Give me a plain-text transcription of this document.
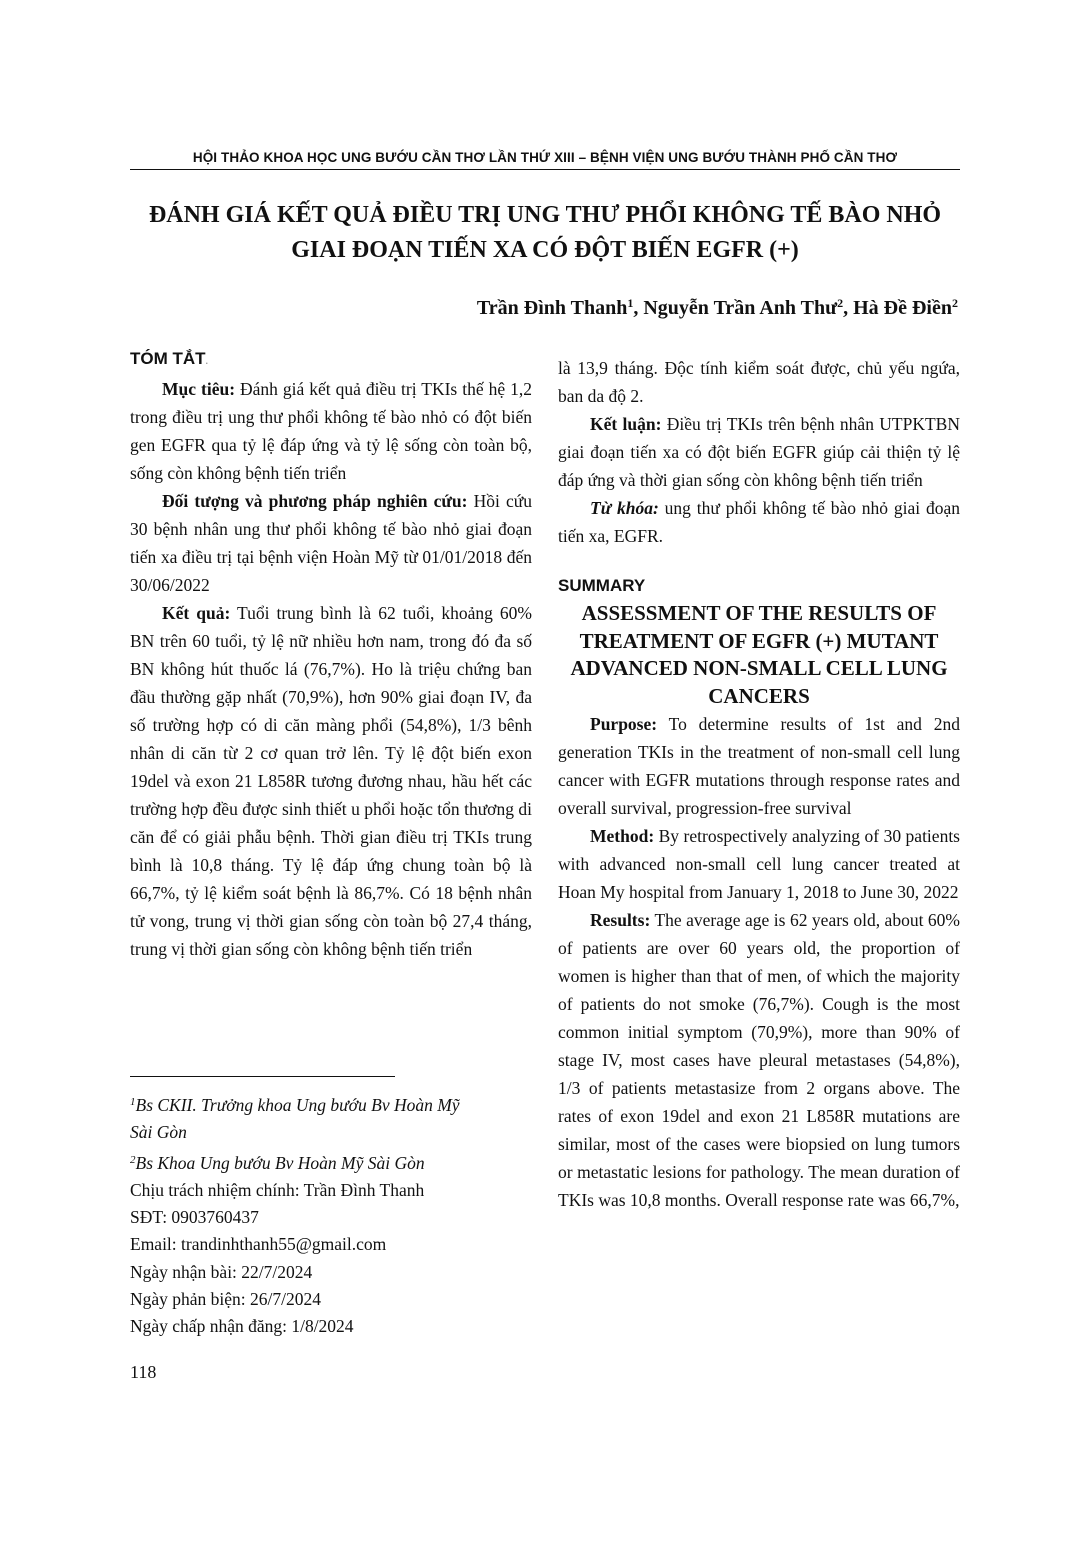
HỘI THẢO KHOA HỌC UNG BƯỚU CẦN THƠ LẦN THỨ XIII – BỆNH VIỆN UNG BƯỚU THÀNH PHỐ CẦN THƠ
ĐÁNH GIÁ KẾT QUẢ ĐIỀU TRỊ UNG THƯ PHỔI KHÔNG TẾ BÀO NHỎ
GIAI ĐOẠN TIẾN XA CÓ ĐỘT BIẾN EGFR (+)
Trần Đình Thanh$^1$, Nguyễn Trần Anh Thư$^2$, Hà Đề Điền$^2$
TÓM TẮT.

Mục tiêu: Đánh giá kết quả điều trị TKIs thế hệ 1,2 trong điều trị ung thư phổi không tế bào nhỏ có đột biến gen EGFR qua tỷ lệ đáp ứng và tỷ lệ sống còn toàn bộ, sống còn không bệnh tiến triển

Đối tượng và phương pháp nghiên cứu: Hồi cứu 30 bệnh nhân ung thư phổi không tế bào nhỏ giai đoạn tiến xa điều trị tại bệnh viện Hoàn Mỹ từ 01/01/2018 đến 30/06/2022

Kết quả: Tuổi trung bình là 62 tuổi, khoảng 60% BN trên 60 tuổi, tỷ lệ nữ nhiều hơn nam, trong đó đa số BN không hút thuốc lá (76,7%). Ho là triệu chứng ban đầu thường gặp nhất (70,9%), hơn 90% giai đoạn IV, đa số trường hợp có di căn màng phổi (54,8%), 1/3 bênh nhân di căn từ 2 cơ quan trở lên. Tỷ lệ đột biến exon 19del và exon 21 L858R tương đương nhau, hầu hết các trường hợp đều được sinh thiết u phổi hoặc tổn thương di căn để có giải phẫu bệnh. Thời gian điều trị TKIs trung bình là 10,8 tháng. Tỷ lệ đáp ứng chung toàn bộ là 66,7%, tỷ lệ kiểm soát bệnh là 86,7%. Có 18 bệnh nhân tử vong, trung vị thời gian sống còn toàn bộ 27,4 tháng, trung vị thời gian sống còn không bệnh tiến triển

$^1$Bs CKII. Trưởng khoa Ung bướu Bv Hoàn Mỹ
Sài Gòn
$^2$Bs Khoa Ung bướu Bv Hoàn Mỹ Sài Gòn
Chịu trách nhiệm chính: Trần Đình Thanh
SĐT: 0903760437
Email: trandinhthanh55@gmail.com
Ngày nhận bài: 22/7/2024
Ngày phản biện: 26/7/2024
Ngày chấp nhận đăng: 1/8/2024

là 13,9 tháng. Độc tính kiểm soát được, chủ yếu ngứa, ban da độ 2.

Kết luận: Điều trị TKIs trên bệnh nhân UTPKTBN giai đoạn tiến xa có đột biến EGFR giúp cải thiện tỷ lệ đáp ứng và thời gian sống còn không bệnh tiến triển

Từ khóa: ung thư phổi không tế bào nhỏ giai đoạn tiến xa, EGFR.

SUMMARY
ASSESSMENT OF THE RESULTS OF
TREATMENT OF EGFR (+) MUTANT
ADVANCED NON-SMALL CELL LUNG
CANCERS

Purpose: To determine results of 1st and 2nd generation TKIs in the treatment of non-small cell lung cancer with EGFR mutations through response rates and overall survival, progression-free survival

Method: By retrospectively analyzing of 30 patients with advanced non-small cell lung cancer treated at Hoan My hospital from January 1, 2018 to June 30, 2022

Results: The average age is 62 years old, about 60% of patients are over 60 years old, the proportion of women is higher than that of men, of which the majority of patients do not smoke (76,7%). Cough is the most common initial symptom (70,9%), more than 90% of stage IV, most cases have pleural metastases (54,8%), 1/3 of patients metastasize from 2 organs above. The rates of exon 19del and exon 21 L858R mutations are similar, most of the cases were biopsied on lung tumors or metastatic lesions for pathology. The mean duration of TKIs was 10,8 months. Overall response rate was 66,7%,

118
